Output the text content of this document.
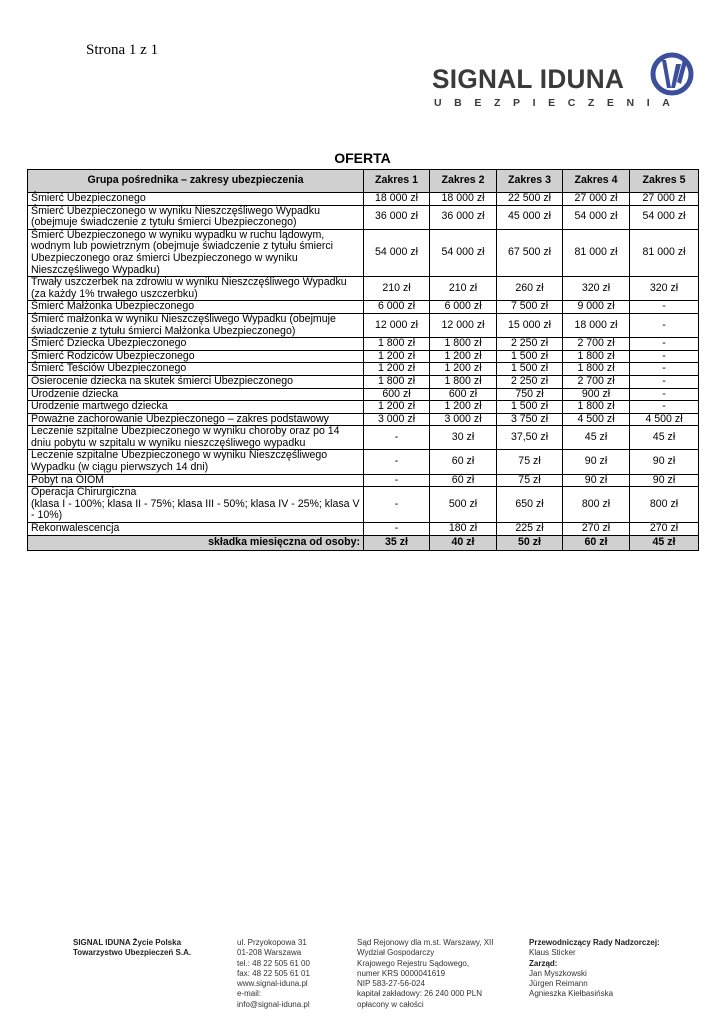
Strona 1 z 1
SIGNAL IDUNA
UBEZPIECZENIA
OFERTA
Grupa pośrednika – zakresy ubezpieczenia	Zakres 1	Zakres 2	Zakres 3	Zakres 4	Zakres 5
Śmierć Ubezpieczonego	18 000 zł	18 000 zł	22 500 zł	27 000 zł	27 000 zł
Śmierć Ubezpieczonego w wyniku Nieszczęśliwego Wypadku (obejmuje świadczenie z tytułu śmierci Ubezpieczonego)	36 000 zł	36 000 zł	45 000 zł	54 000 zł	54 000 zł
Śmierć Ubezpieczonego w wyniku wypadku w ruchu lądowym, wodnym lub powietrznym (obejmuje świadczenie z tytułu śmierci Ubezpieczonego oraz śmierci Ubezpieczonego w wyniku Nieszczęśliwego Wypadku)	54 000 zł	54 000 zł	67 500 zł	81 000 zł	81 000 zł
Trwały uszczerbek na zdrowiu w wyniku Nieszczęśliwego Wypadku (za każdy 1% trwałego uszczerbku)	210 zł	210 zł	260 zł	320 zł	320 zł
Śmierć Małżonka Ubezpieczonego	6 000 zł	6 000 zł	7 500 zł	9 000 zł	-
Śmierć małżonka w wyniku Nieszczęśliwego Wypadku (obejmuje świadczenie z tytułu śmierci Małżonka Ubezpieczonego)	12 000 zł	12 000 zł	15 000 zł	18 000 zł	-
Śmierć Dziecka Ubezpieczonego	1 800 zł	1 800 zł	2 250 zł	2 700 zł	-
Śmierć Rodziców Ubezpieczonego	1 200 zł	1 200 zł	1 500 zł	1 800 zł	-
Śmierć Teściów Ubezpieczonego	1 200 zł	1 200 zł	1 500 zł	1 800 zł	-
Osierocenie dziecka na skutek śmierci Ubezpieczonego	1 800 zł	1 800 zł	2 250 zł	2 700 zł	-
Urodzenie dziecka	600 zł	600 zł	750 zł	900 zł	-
Urodzenie martwego dziecka	1 200 zł	1 200 zł	1 500 zł	1 800 zł	-
Poważne zachorowanie Ubezpieczonego – zakres podstawowy	3 000 zł	3 000 zł	3 750 zł	4 500 zł	4 500 zł
Leczenie szpitalne Ubezpieczonego w wyniku choroby oraz po 14 dniu pobytu w szpitalu w wyniku nieszczęśliwego wypadku	-	30 zł	37,50 zł	45 zł	45 zł
Leczenie szpitalne Ubezpieczonego w wyniku Nieszczęśliwego Wypadku (w ciągu pierwszych 14 dni)	-	60 zł	75 zł	90 zł	90 zł
Pobyt na OIOM	-	60 zł	75 zł	90 zł	90 zł
Operacja Chirurgiczna
(klasa I - 100%; klasa II - 75%; klasa III - 50%; klasa IV - 25%; klasa V - 10%)	-	500 zł	650 zł	800 zł	800 zł
Rekonwalescencja	-	180 zł	225 zł	270 zł	270 zł
składka miesięczna od osoby:	35 zł	40 zł	50 zł	60 zł	45 zł
SIGNAL IDUNA Życie Polska
Towarzystwo Ubezpieczeń S.A.
ul. Przyokopowa 31
01-208 Warszawa
tel.: 48 22 505 61 00
fax: 48 22 505 61 01
www.signal-iduna.pl
e-mail:
info@signal-iduna.pl
Sąd Rejonowy dla m.st. Warszawy, XII
Wydział Gospodarczy
Krajowego Rejestru Sądowego,
numer KRS 0000041619
NIP 583-27-56-024
kapitał zakładowy: 26 240 000 PLN
opłacony w całości
Przewodniczący Rady Nadzorczej:
Klaus Sticker
Zarząd:
Jan Myszkowski
Jürgen Reimann
Agnieszka Kiełbasińska
